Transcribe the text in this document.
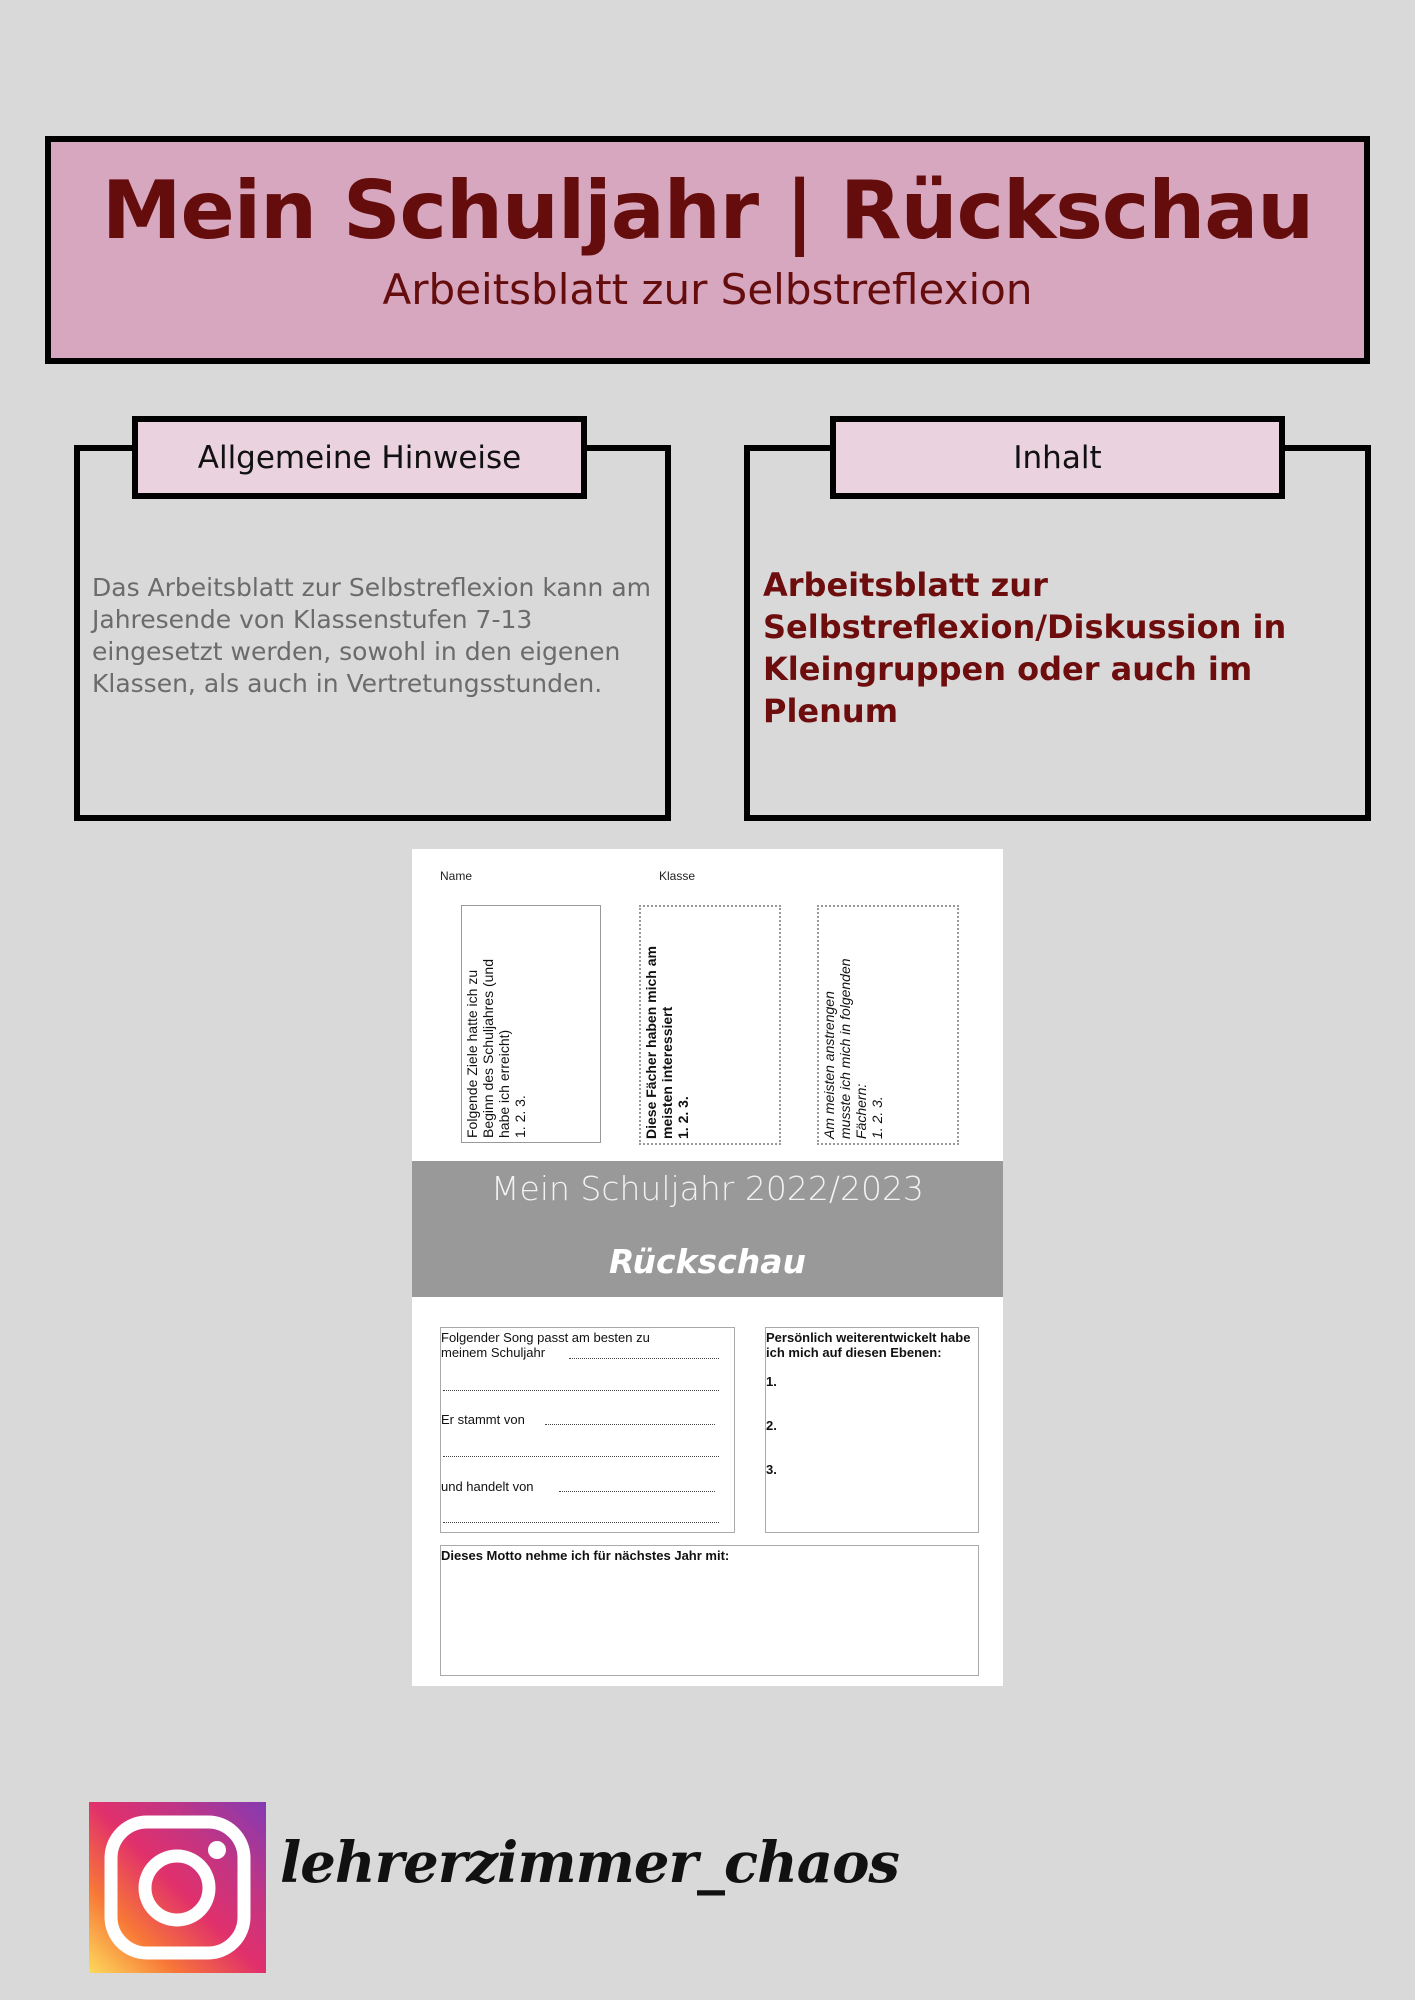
Mein Schuljahr | Rückschau
Arbeitsblatt zur Selbstreflexion
Allgemeine Hinweise
Das Arbeitsblatt zur Selbstreflexion kann am Jahresende von Klassenstufen 7-13 eingesetzt werden, sowohl in den eigenen Klassen, als auch in Vertretungsstunden.
Inhalt
Arbeitsblatt zur Selbstreflexion/Diskussion in Kleingruppen oder auch im Plenum
Name	Klasse
Folgende Ziele hatte ich zu
Beginn des Schuljahres (und
habe ich erreicht)
1. 2. 3.
Diese Fächer haben mich am
meisten interessiert
1. 2. 3.
Am meisten anstrengen
musste ich mich in folgenden
Fächern:
1. 2. 3.
Mein Schuljahr 2022/2023
Rückschau
Folgender Song passt am besten zu
meinem Schuljahr
Er stammt von
und handelt von
Persönlich weiterentwickelt habe ich mich auf diesen Ebenen:
1.
2.
3.
Dieses Motto nehme ich für nächstes Jahr mit:
lehrerzimmer_chaos
